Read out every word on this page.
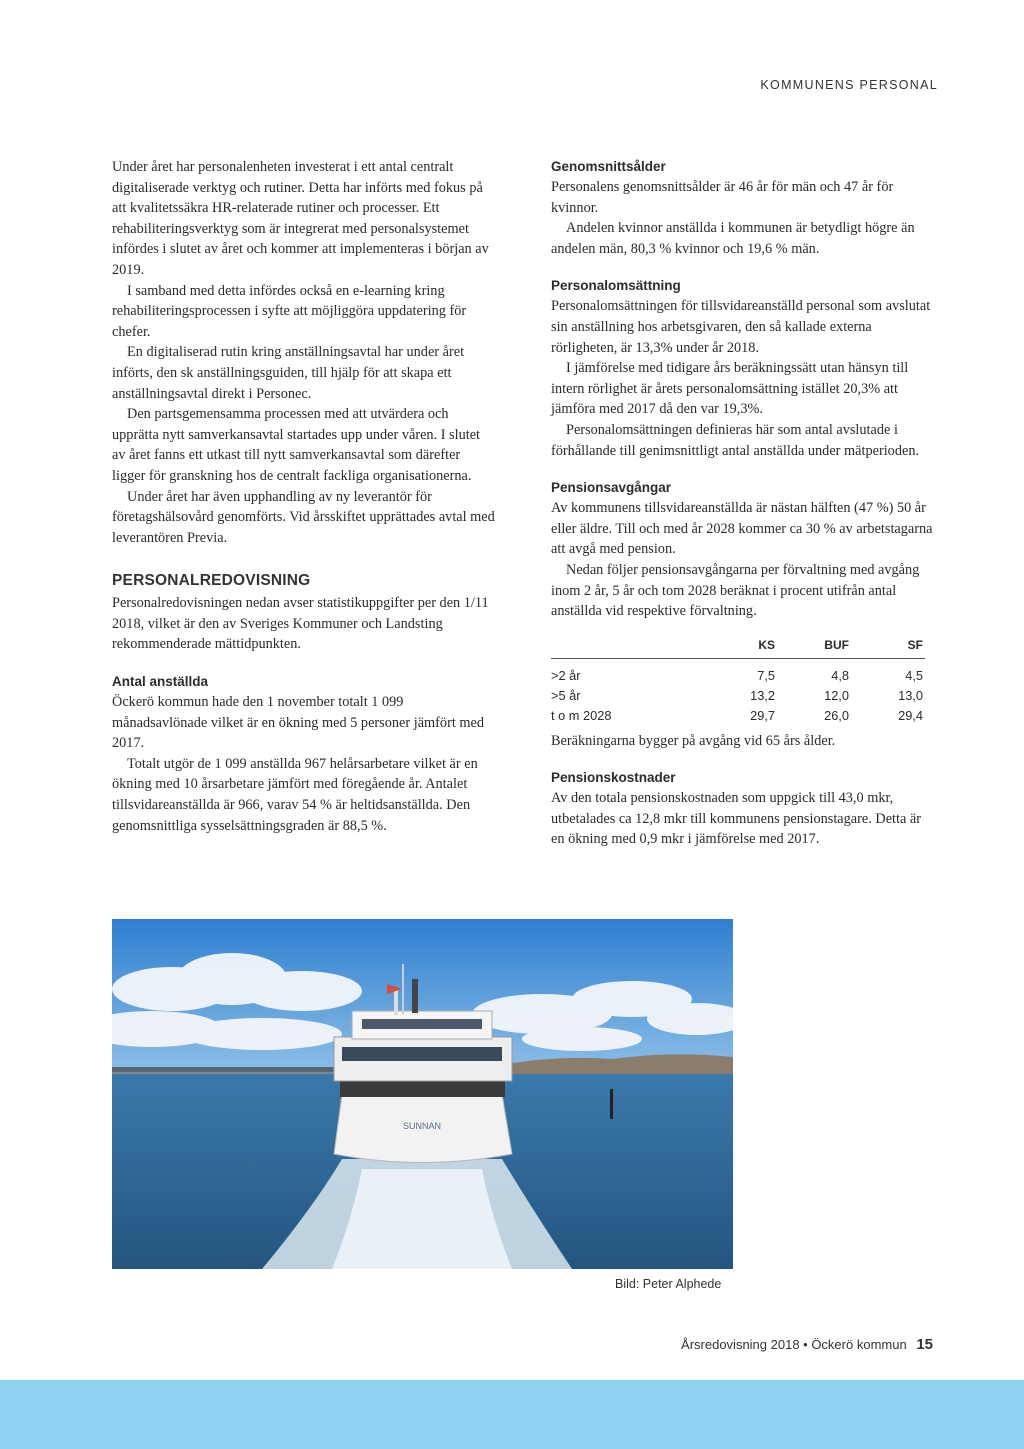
KOMMUNENS PERSONAL

Under året har personalenheten investerat i ett antal centralt digitaliserade verktyg och rutiner. Detta har införts med fokus på att kvalitetssäkra HR-relaterade rutiner och processer. Ett rehabiliteringsverktyg som är integrerat med personalsystemet infördes i slutet av året och kommer att implementeras i början av 2019.

I samband med detta infördes också en e-learning kring rehabiliteringsprocessen i syfte att möjliggöra uppdatering för chefer.

En digitaliserad rutin kring anställningsavtal har under året införts, den sk anställningsguiden, till hjälp för att skapa ett anställningsavtal direkt i Personec.

Den partsgemensamma processen med att utvärdera och upprätta nytt samverkansavtal startades upp under våren. I slutet av året fanns ett utkast till nytt samverkansavtal som därefter ligger för granskning hos de centralt fackliga organisationerna.

Under året har även upphandling av ny leverantör för företagshälsovård genomförts. Vid årsskiftet upprättades avtal med leverantören Previa.

PERSONALREDOVISNING

Personalredovisningen nedan avser statistikuppgifter per den 1/11 2018, vilket är den av Sveriges Kommuner och Landsting rekommenderade mättidpunkten.

Antal anställda

Öckerö kommun hade den 1 november totalt 1 099 månadsavlönade vilket är en ökning med 5 personer jämfört med 2017.

Totalt utgör de 1 099 anställda 967 helårsarbetare vilket är en ökning med 10 årsarbetare jämfört med föregående år. Antalet tillsvidareanställda är 966, varav 54 % är heltidsanställda. Den genomsnittliga sysselsättningsgraden är 88,5 %.

Genomsnittsålder

Personalens genomsnittsålder är 46 år för män och 47 år för kvinnor.

Andelen kvinnor anställda i kommunen är betydligt högre än andelen män, 80,3 % kvinnor och 19,6 % män.

Personalomsättning

Personalomsättningen för tillsvidareanställd personal som avslutat sin anställning hos arbetsgivaren, den så kallade externa rörligheten, är 13,3% under år 2018.

I jämförelse med tidigare års beräkningssätt utan hänsyn till intern rörlighet är årets personalomsättning istället 20,3% att jämföra med 2017 då den var 19,3%.

Personalomsättningen definieras här som antal avslutade i förhållande till genimsnittligt antal anställda under mätperioden.

Pensionsavgångar

Av kommunens tillsvidareanställda är nästan hälften (47 %) 50 år eller äldre. Till och med år 2028 kommer ca 30 % av arbetstagarna att avgå med pension.

Nedan följer pensionsavgångarna per förvaltning med avgång inom 2 år, 5 år och tom 2028 beräknat i procent utifrån antal anställda vid respektive förvaltning.

	KS	BUF	SF
>2 år	7,5	4,8	4,5
>5 år	13,2	12,0	13,0
t o m 2028	29,7	26,0	29,4

Beräkningarna bygger på avgång vid 65 års ålder.

Pensionskostnader

Av den totala pensionskostnaden som uppgick till 43,0 mkr, utbetalades ca 12,8 mkr till kommunens pensionstagare. Detta är en ökning med 0,9 mkr i jämförelse med 2017.

SUNNAN
Bild: Peter Alphede
Årsredovisning 2018 • Öckerö kommun 15
